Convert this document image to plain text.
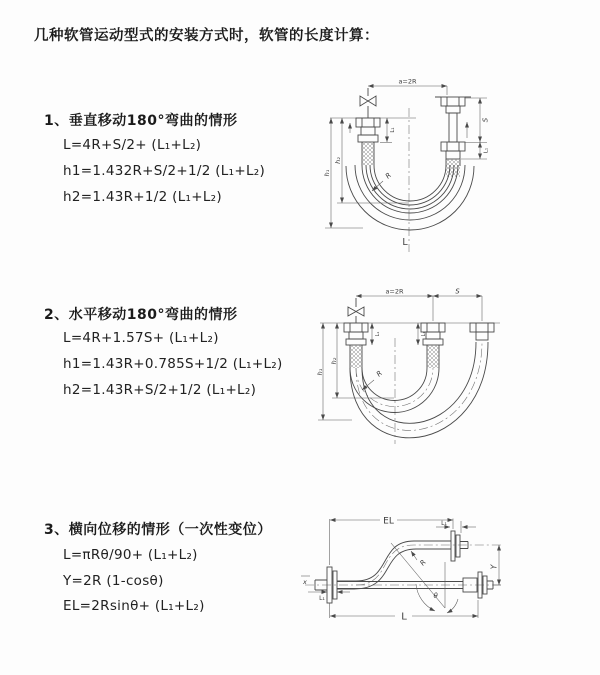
几种软管运动型式的安装方式时，软管的长度计算：
1、垂直移动180°弯曲的情形
L=4R+S/2+ (L₁+L₂)
h1=1.432R+S/2+1/2 (L₁+L₂)
h2=1.43R+1/2 (L₁+L₂)
2、水平移动180°弯曲的情形
L=4R+1.57S+ (L₁+L₂)
h1=1.43R+0.785S+1/2 (L₁+L₂)
h2=1.43R+S/2+1/2 (L₁+L₂)
3、横向位移的情形（一次性变位）
L=πRθ/90+ (L₁+L₂)
Y=2R (1-cosθ)
EL=2Rsinθ+ (L₁+L₂)
a=2R
S
L₁
L₁
h₁
h₂
R
L
a=2R	S
L₁	L₁
h₁
h₂
R
EL	L₁
Y
L
L₁
R
θ
x
